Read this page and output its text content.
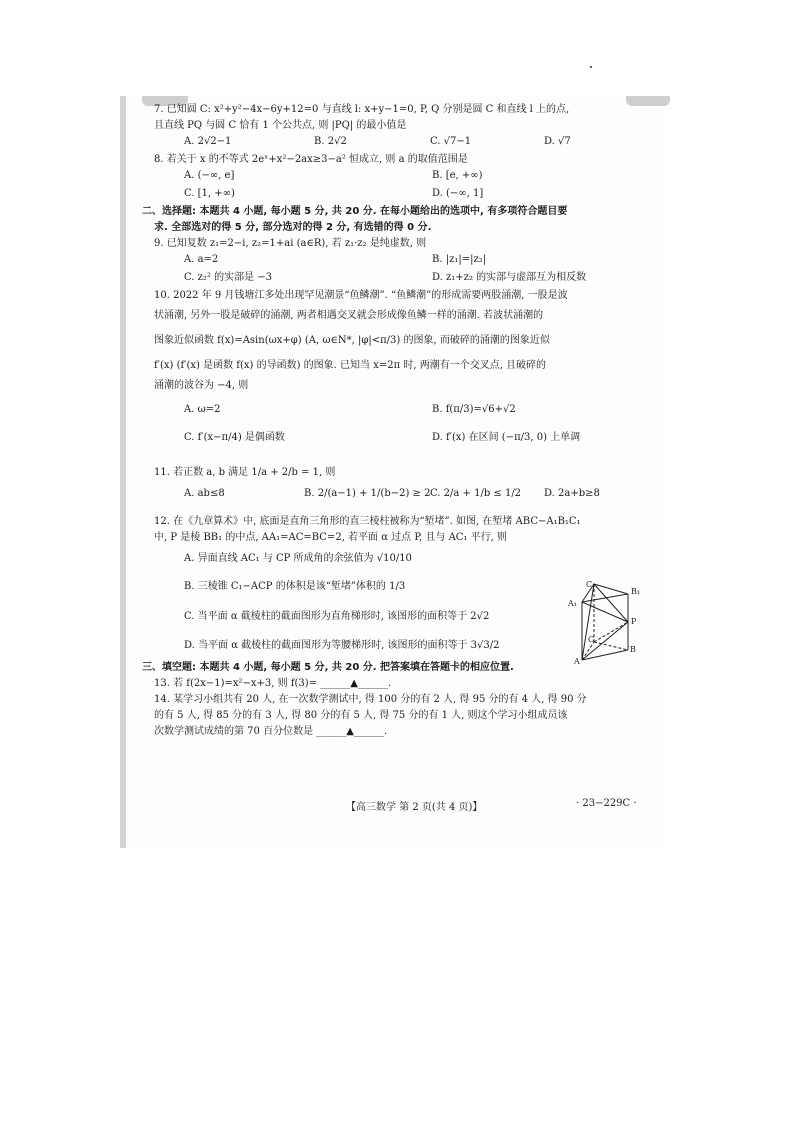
7. 已知圆 C: x²+y²−4x−6y+12=0 与直线 l: x+y−1=0, P, Q 分别是圆 C 和直线 l 上的点,
且直线 PQ 与圆 C 恰有 1 个公共点, 则 |PQ| 的最小值是
A. 2√2−1	B. 2√2	C. √7−1	D. √7
8. 若关于 x 的不等式 2eˣ+x²−2ax≥3−a² 恒成立, 则 a 的取值范围是
A. (−∞, e]	B. [e, +∞)
C. [1, +∞)	D. (−∞, 1]
二、选择题: 本题共 4 小题, 每小题 5 分, 共 20 分. 在每小题给出的选项中, 有多项符合题目要
求. 全部选对的得 5 分, 部分选对的得 2 分, 有选错的得 0 分.
9. 已知复数 z₁=2−i, z₂=1+ai (a∈R), 若 z₁·z₂ 是纯虚数, 则
A. a=2	B. |z₁|=|z₂|
C. z₂² 的实部是 −3	D. z₁+z₂ 的实部与虚部互为相反数
10. 2022 年 9 月钱塘江多处出现罕见潮景“鱼鳞潮”. “鱼鳞潮”的形成需要两股涌潮, 一股是波
状涌潮, 另外一股是破碎的涌潮, 两者相遇交叉就会形成像鱼鳞一样的涌潮. 若波状涌潮的
图象近似函数 f(x)=Asin(ωx+φ) (A, ω∈N*, |φ|<π/3) 的图象, 而破碎的涌潮的图象近似
f′(x) (f′(x) 是函数 f(x) 的导函数) 的图象. 已知当 x=2π 时, 两潮有一个交叉点, 且破碎的
涌潮的波谷为 −4, 则
A. ω=2	B. f(π/3)=√6+√2
C. f′(x−π/4) 是偶函数	D. f′(x) 在区间 (−π/3, 0) 上单调
11. 若正数 a, b 满足 1/a + 2/b = 1, 则
A. ab≤8	B. 2/(a−1) + 1/(b−2) ≥ 2 C. 2/a + 1/b ≤ 1/2 D. 2a+b≥8
12. 在《九章算术》中, 底面是直角三角形的直三棱柱被称为“堑堵”. 如图, 在堑堵 ABC−A₁B₁C₁
中, P 是棱 BB₁ 的中点, AA₁=AC=BC=2, 若平面 α 过点 P, 且与 AC₁ 平行, 则
A. 异面直线 AC₁ 与 CP 所成角的余弦值为 √10/10
B. 三棱锥 C₁−ACP 的体积是该“堑堵”体积的 1/3
C. 当平面 α 截棱柱的截面图形为直角梯形时, 该图形的面积等于 2√2
D. 当平面 α 截棱柱的截面图形为等腰梯形时, 该图形的面积等于 3√3/2
三、填空题: 本题共 4 小题, 每小题 5 分, 共 20 分. 把答案填在答题卡的相应位置.
13. 若 f(2x−1)=x²−x+3, 则 f(3)= ______▲______.
14. 某学习小组共有 20 人, 在一次数学测试中, 得 100 分的有 2 人, 得 95 分的有 4 人, 得 90 分
的有 5 人, 得 85 分的有 3 人, 得 80 分的有 5 人, 得 75 分的有 1 人, 则这个学习小组成员该
次数学测试成绩的第 70 百分位数是 ______▲______.
C₁
B₁
A₁
P
C
B
A
【高三数学 第 2 页(共 4 页)】	· 23−229C ·
